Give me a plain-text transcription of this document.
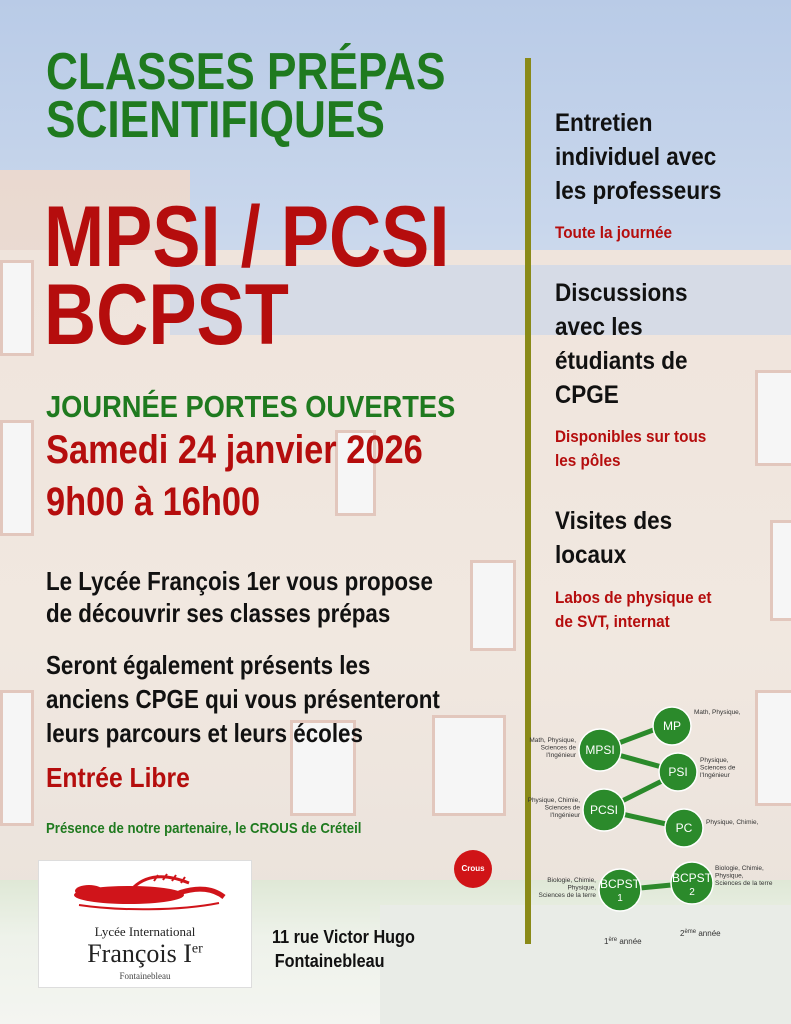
CLASSES PRÉPAS
SCIENTIFIQUES
MPSI / PCSI
BCPST
JOURNÉE PORTES OUVERTES
Samedi 24 janvier 2026
9h00 à 16h00

Le Lycée François 1er vous propose
de découvrir ses classes prépas

Seront également présents les
anciens CPGE qui vous présenteront
leurs parcours et leurs écoles

Entrée Libre
Présence de notre partenaire, le CROUS de Créteil
Entretien
individuel avec
les professeurs
Toute la journée
Discussions
avec les
étudiants de
CPGE
Disponibles sur tous
les pôles
Visites des
locaux
Labos de physique et
de SVT, internat
Crous
MPSI
PCSI
BCPST
1
MP
PSI
PC
BCPST
2
Math, Physique, Sciences de l'Ingénieur
Physique, Chimie, Sciences de l'Ingénieur
Biologie, Chimie, Physique, Sciences de la terre
Math, Physique,
Physique, Sciences de l'Ingénieur
Physique, Chimie,
Biologie, Chimie, Physique, Sciences de la terre
1ère année
2ème année
Lycée International
François Ier
Fontainebleau
11 rue Victor Hugo
Fontainebleau
